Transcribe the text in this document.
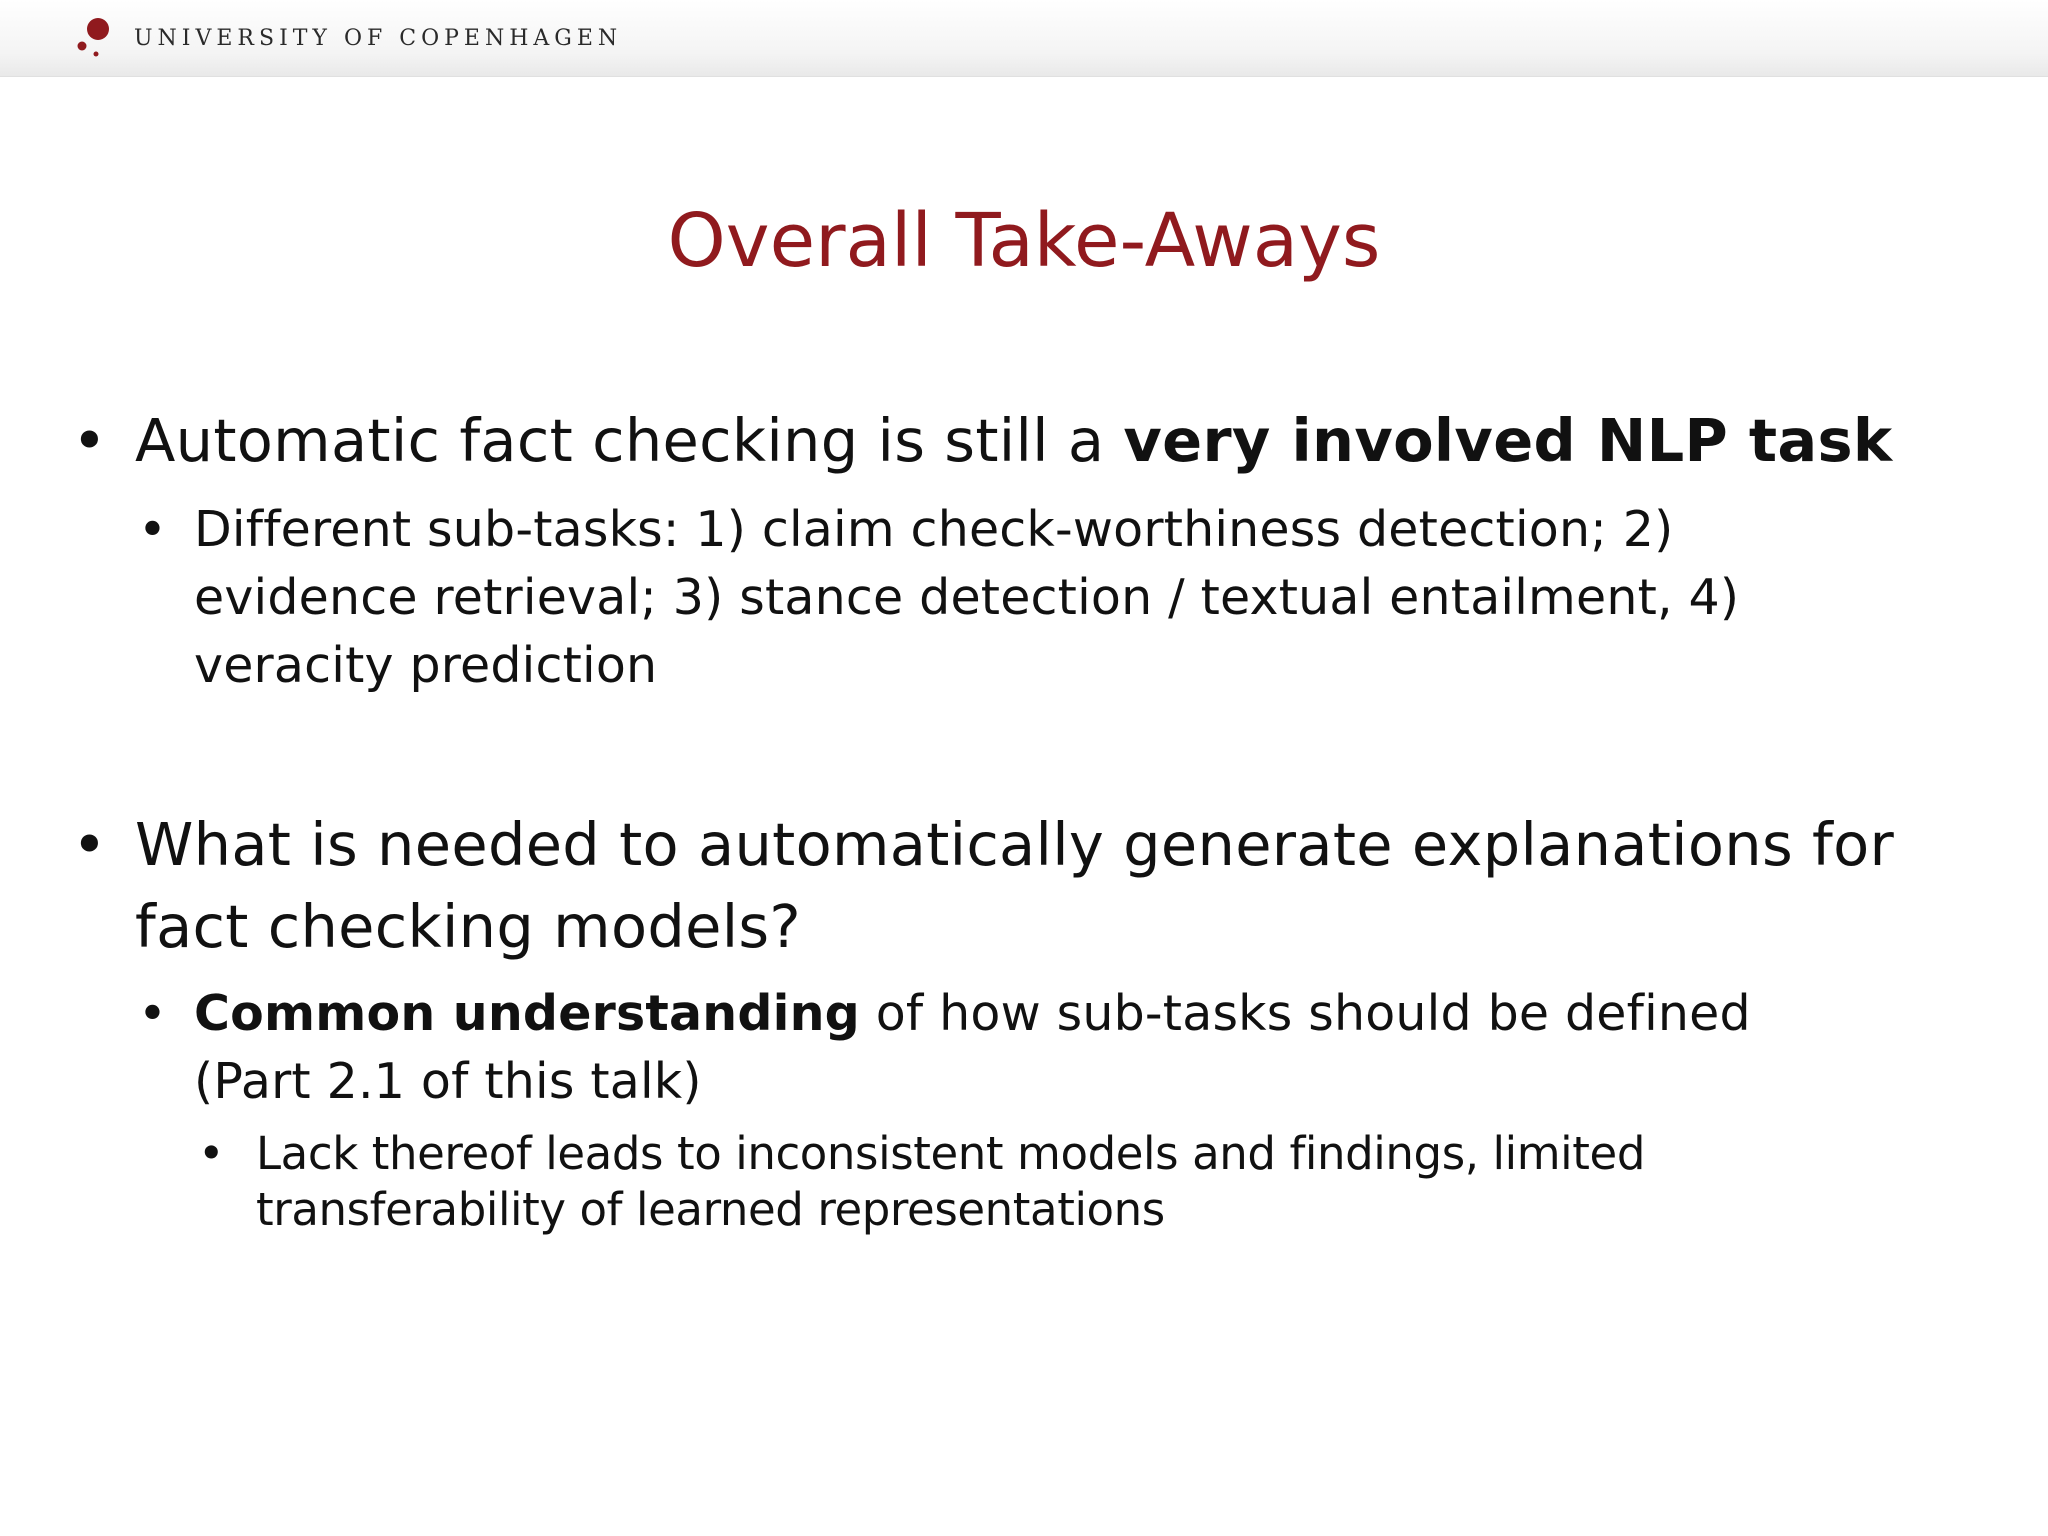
UNIVERSITY OF COPENHAGEN
Overall Take-Aways
• Automatic fact checking is still a very involved NLP task
• Different sub-tasks: 1) claim check-worthiness detection; 2)
evidence retrieval; 3) stance detection / textual entailment, 4)
veracity prediction
• What is needed to automatically generate explanations for
fact checking models?
• Common understanding of how sub-tasks should be defined
(Part 2.1 of this talk)
• Lack thereof leads to inconsistent models and findings, limited
transferability of learned representations
